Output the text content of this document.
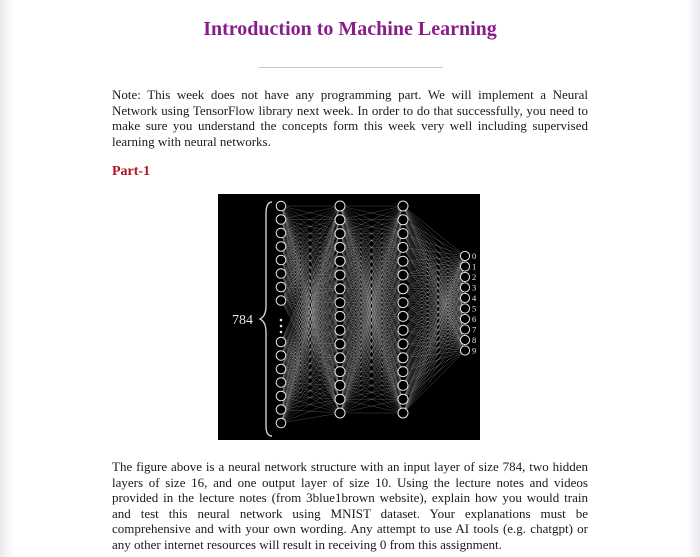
Introduction to Machine Learning

Note: This week does not have any programming part. We will implement a Neural Network using TensorFlow library next week. In order to do that successfully, you need to make sure you understand the concepts form this week very well including supervised learning with neural networks.

Part-1
784
0
1
2
3
4
5
6
7
8
9

The figure above is a neural network structure with an input layer of size 784, two hidden layers of size 16, and one output layer of size 10. Using the lecture notes and videos provided in the lecture notes (from 3blue1brown website), explain how you would train and test this neural network using MNIST dataset. Your explanations must be comprehensive and with your own wording. Any attempt to use AI tools (e.g. chatgpt) or any other internet resources will result in receiving 0 from this assignment.
